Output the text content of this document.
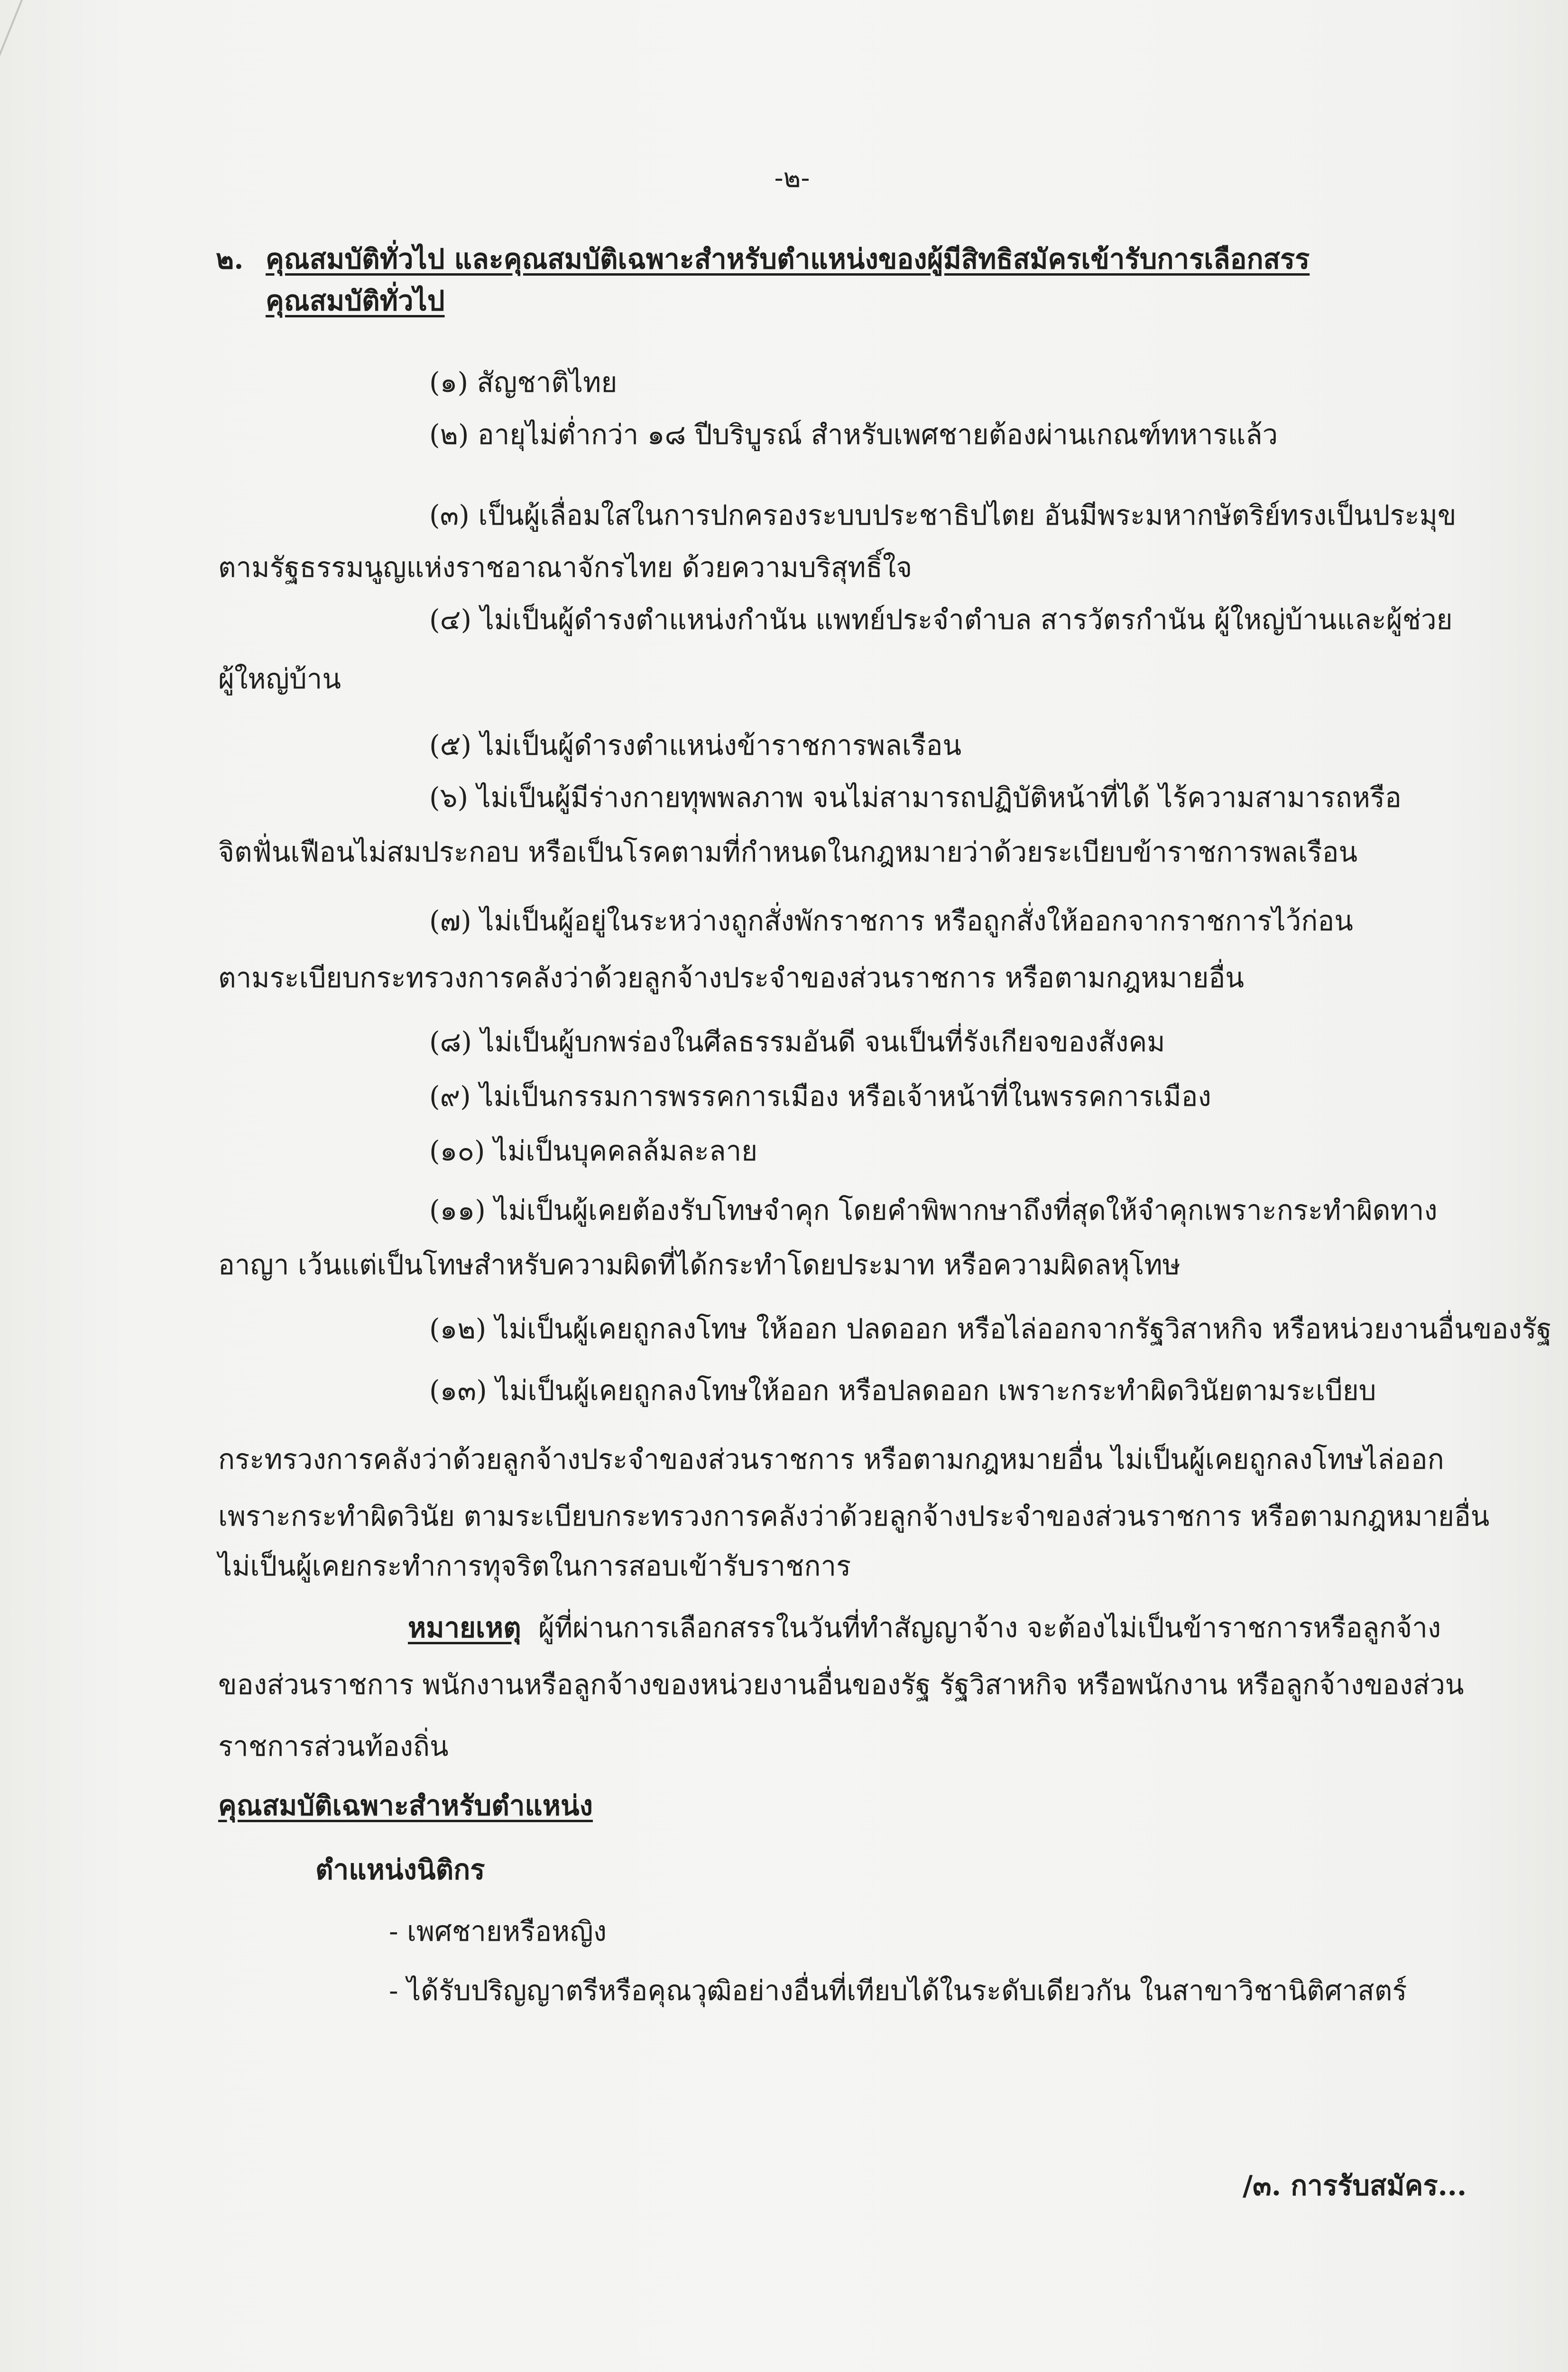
-๒-
๒. คุณสมบัติทั่วไป และคุณสมบัติเฉพาะสำหรับตำแหน่งของผู้มีสิทธิสมัครเข้ารับการเลือกสรร
คุณสมบัติทั่วไป
(๑) สัญชาติไทย
(๒) อายุไม่ต่ำกว่า ๑๘ ปีบริบูรณ์ สำหรับเพศชายต้องผ่านเกณฑ์ทหารแล้ว
(๓) เป็นผู้เลื่อมใสในการปกครองระบบประชาธิปไตย อันมีพระมหากษัตริย์ทรงเป็นประมุข
ตามรัฐธรรมนูญแห่งราชอาณาจักรไทย ด้วยความบริสุทธิ์ใจ
(๔) ไม่เป็นผู้ดำรงตำแหน่งกำนัน แพทย์ประจำตำบล สารวัตรกำนัน ผู้ใหญ่บ้านและผู้ช่วย
ผู้ใหญ่บ้าน
(๕) ไม่เป็นผู้ดำรงตำแหน่งข้าราชการพลเรือน
(๖) ไม่เป็นผู้มีร่างกายทุพพลภาพ จนไม่สามารถปฏิบัติหน้าที่ได้ ไร้ความสามารถหรือ
จิตฟั่นเฟือนไม่สมประกอบ หรือเป็นโรคตามที่กำหนดในกฎหมายว่าด้วยระเบียบข้าราชการพลเรือน
(๗) ไม่เป็นผู้อยู่ในระหว่างถูกสั่งพักราชการ หรือถูกสั่งให้ออกจากราชการไว้ก่อน
ตามระเบียบกระทรวงการคลังว่าด้วยลูกจ้างประจำของส่วนราชการ หรือตามกฎหมายอื่น
(๘) ไม่เป็นผู้บกพร่องในศีลธรรมอันดี จนเป็นที่รังเกียจของสังคม
(๙) ไม่เป็นกรรมการพรรคการเมือง หรือเจ้าหน้าที่ในพรรคการเมือง
(๑๐) ไม่เป็นบุคคลล้มละลาย
(๑๑) ไม่เป็นผู้เคยต้องรับโทษจำคุก โดยคำพิพากษาถึงที่สุดให้จำคุกเพราะกระทำผิดทาง
อาญา เว้นแต่เป็นโทษสำหรับความผิดที่ได้กระทำโดยประมาท หรือความผิดลหุโทษ
(๑๒) ไม่เป็นผู้เคยถูกลงโทษ ให้ออก ปลดออก หรือไล่ออกจากรัฐวิสาหกิจ หรือหน่วยงานอื่นของรัฐ
(๑๓) ไม่เป็นผู้เคยถูกลงโทษให้ออก หรือปลดออก เพราะกระทำผิดวินัยตามระเบียบ
กระทรวงการคลังว่าด้วยลูกจ้างประจำของส่วนราชการ หรือตามกฎหมายอื่น ไม่เป็นผู้เคยถูกลงโทษไล่ออก
เพราะกระทำผิดวินัย ตามระเบียบกระทรวงการคลังว่าด้วยลูกจ้างประจำของส่วนราชการ หรือตามกฎหมายอื่น
ไม่เป็นผู้เคยกระทำการทุจริตในการสอบเข้ารับราชการ
หมายเหตุ ผู้ที่ผ่านการเลือกสรรในวันที่ทำสัญญาจ้าง จะต้องไม่เป็นข้าราชการหรือลูกจ้าง
ของส่วนราชการ พนักงานหรือลูกจ้างของหน่วยงานอื่นของรัฐ รัฐวิสาหกิจ หรือพนักงาน หรือลูกจ้างของส่วน
ราชการส่วนท้องถิ่น
คุณสมบัติเฉพาะสำหรับตำแหน่ง
ตำแหน่งนิติกร
- เพศชายหรือหญิง
- ได้รับปริญญาตรีหรือคุณวุฒิอย่างอื่นที่เทียบได้ในระดับเดียวกัน ในสาขาวิชานิติศาสตร์
/๓. การรับสมัคร...
